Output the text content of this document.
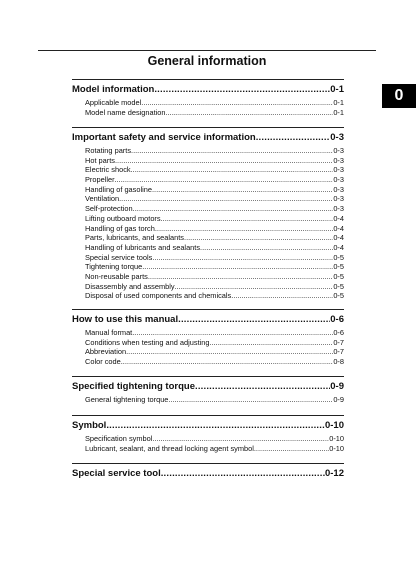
General information
0
Model information .....	0-1
Applicable model .....	0-1
Model name designation .....	0-1
Important safety and service information .....	0-3
Rotating parts .....	0-3
Hot parts .....	0-3
Electric shock .....	0-3
Propeller .....	0-3
Handling of gasoline .....	0-3
Ventilation .....	0-3
Self-protection .....	0-3
Lifting outboard motors .....	0-4
Handling of gas torch .....	0-4
Parts, lubricants, and sealants .....	0-4
Handling of lubricants and sealants .....	0-4
Special service tools .....	0-5
Tightening torque .....	0-5
Non-reusable parts .....	0-5
Disassembly and assembly .....	0-5
Disposal of used components and chemicals .....	0-5
How to use this manual .....	0-6
Manual format .....	0-6
Conditions when testing and adjusting .....	0-7
Abbreviation .....	0-7
Color code .....	0-8
Specified tightening torque .....	0-9
General tightening torque .....	0-9
Symbol .....	0-10
Specification symbol .....	0-10
Lubricant, sealant, and thread locking agent symbol .....	0-10
Special service tool .....	0-12
